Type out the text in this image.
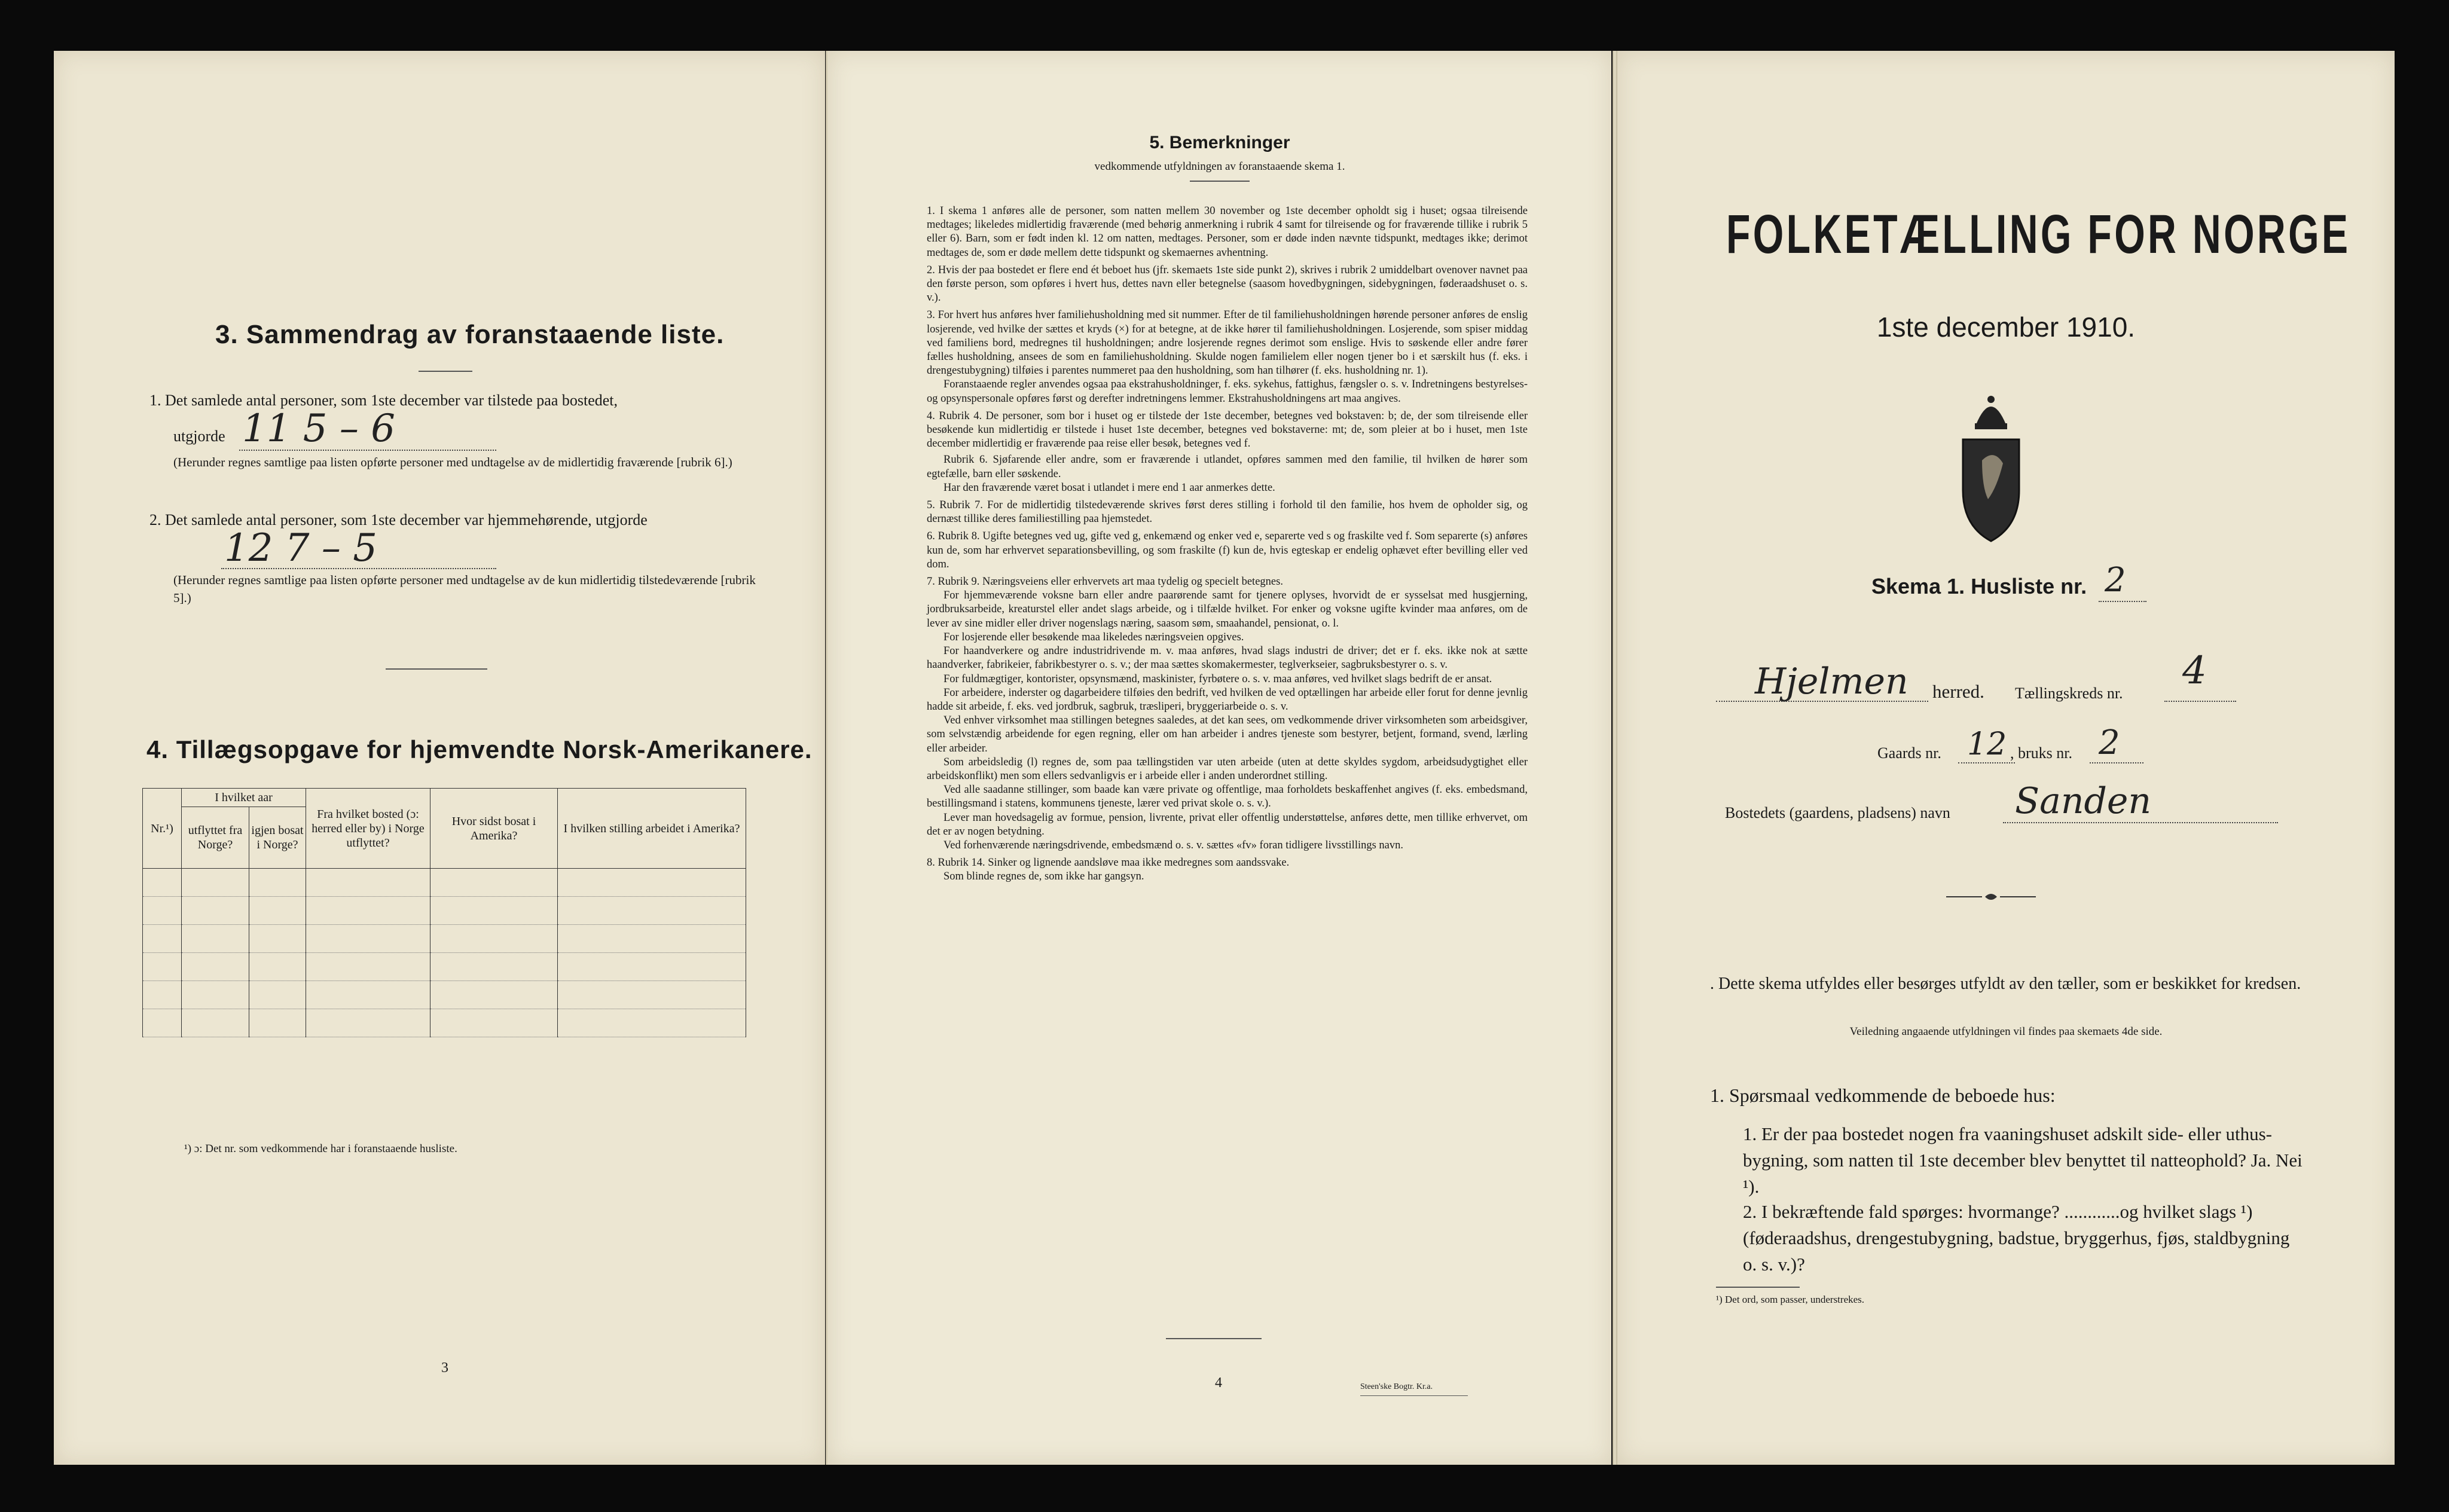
3. Sammendrag av foranstaaende liste.
1. Det samlede antal personer, som 1ste december var tilstede paa bostedet,
utgjorde 11 5 – 6
(Herunder regnes samtlige paa listen opførte personer med undtagelse av de midlertidig fraværende [rubrik 6].)
2. Det samlede antal personer, som 1ste december var hjemmehørende, utgjorde
12 7 – 5
(Herunder regnes samtlige paa listen opførte personer med undtagelse av de kun midlertidig tilstedeværende [rubrik 5].)
4. Tillægsopgave for hjemvendte Norsk-Amerikanere.
Nr.¹)	I hvilket aar		Fra hvilket bosted (ɔ: herred eller by) i Norge utflyttet?	Hvor sidst bosat i Amerika?	I hvilken stilling arbeidet i Amerika?
	utflyttet fra Norge?	igjen bosat i Norge?			

¹) ɔ: Det nr. som vedkommende har i foranstaaende husliste.
3
5. Bemerkninger
vedkommende utfyldningen av foranstaaende skema 1.

1. I skema 1 anføres alle de personer, som natten mellem 30 november og 1ste december opholdt sig i huset; ogsaa tilreisende medtages; likeledes midlertidig fraværende (med behørig anmerkning i rubrik 4 samt for tilreisende og for fraværende tillike i rubrik 5 eller 6). Barn, som er født inden kl. 12 om natten, medtages. Personer, som er døde inden nævnte tidspunkt, medtages ikke; derimot medtages de, som er døde mellem dette tidspunkt og skemaernes avhentning.

2. Hvis der paa bostedet er flere end ét beboet hus (jfr. skemaets 1ste side punkt 2), skrives i rubrik 2 umiddelbart ovenover navnet paa den første person, som opføres i hvert hus, dettes navn eller betegnelse (saasom hovedbygningen, sidebygningen, føderaadshuset o. s. v.).

3. For hvert hus anføres hver familiehusholdning med sit nummer. Efter de til familiehusholdningen hørende personer anføres de enslig losjerende, ved hvilke der sættes et kryds (×) for at betegne, at de ikke hører til familiehusholdningen. Losjerende, som spiser middag ved familiens bord, medregnes til husholdningen; andre losjerende regnes derimot som enslige. Hvis to søskende eller andre fører fælles husholdning, ansees de som en familiehusholdning. Skulde nogen familielem eller nogen tjener bo i et særskilt hus (f. eks. i drengestubygning) tilføies i parentes nummeret paa den husholdning, som han tilhører (f. eks. husholdning nr. 1).

Foranstaaende regler anvendes ogsaa paa ekstrahusholdninger, f. eks. sykehus, fattighus, fængsler o. s. v. Indretningens bestyrelses- og opsynspersonale opføres først og derefter indretningens lemmer. Ekstrahusholdningens art maa angives.

4. Rubrik 4. De personer, som bor i huset og er tilstede der 1ste december, betegnes ved bokstaven: b; de, der som tilreisende eller besøkende kun midlertidig er tilstede i huset 1ste december, betegnes ved bokstaverne: mt; de, som pleier at bo i huset, men 1ste december midlertidig er fraværende paa reise eller besøk, betegnes ved f.

Rubrik 6. Sjøfarende eller andre, som er fraværende i utlandet, opføres sammen med den familie, til hvilken de hører som egtefælle, barn eller søskende.

Har den fraværende været bosat i utlandet i mere end 1 aar anmerkes dette.

5. Rubrik 7. For de midlertidig tilstedeværende skrives først deres stilling i forhold til den familie, hos hvem de opholder sig, og dernæst tillike deres familiestilling paa hjemstedet.

6. Rubrik 8. Ugifte betegnes ved ug, gifte ved g, enkemænd og enker ved e, separerte ved s og fraskilte ved f. Som separerte (s) anføres kun de, som har erhvervet separationsbevilling, og som fraskilte (f) kun de, hvis egteskap er endelig ophævet efter bevilling eller ved dom.

7. Rubrik 9. Næringsveiens eller erhvervets art maa tydelig og specielt betegnes.

For hjemmeværende voksne barn eller andre paarørende samt for tjenere oplyses, hvorvidt de er sysselsat med husgjerning, jordbruksarbeide, kreaturstel eller andet slags arbeide, og i tilfælde hvilket. For enker og voksne ugifte kvinder maa anføres, om de lever av sine midler eller driver nogenslags næring, saasom søm, smaahandel, pensionat, o. l.

For losjerende eller besøkende maa likeledes næringsveien opgives.

For haandverkere og andre industridrivende m. v. maa anføres, hvad slags industri de driver; det er f. eks. ikke nok at sætte haandverker, fabrikeier, fabrikbestyrer o. s. v.; der maa sættes skomakermester, teglverkseier, sagbruksbestyrer o. s. v.

For fuldmægtiger, kontorister, opsynsmænd, maskinister, fyrbøtere o. s. v. maa anføres, ved hvilket slags bedrift de er ansat.

For arbeidere, inderster og dagarbeidere tilføies den bedrift, ved hvilken de ved optællingen har arbeide eller forut for denne jevnlig hadde sit arbeide, f. eks. ved jordbruk, sagbruk, træsliperi, bryggeriarbeide o. s. v.

Ved enhver virksomhet maa stillingen betegnes saaledes, at det kan sees, om vedkommende driver virksomheten som arbeidsgiver, som selvstændig arbeidende for egen regning, eller om han arbeider i andres tjeneste som bestyrer, betjent, formand, svend, lærling eller arbeider.

Som arbeidsledig (l) regnes de, som paa tællingstiden var uten arbeide (uten at dette skyldes sygdom, arbeidsudygtighet eller arbeidskonflikt) men som ellers sedvanligvis er i arbeide eller i anden underordnet stilling.

Ved alle saadanne stillinger, som baade kan være private og offentlige, maa forholdets beskaffenhet angives (f. eks. embedsmand, bestillingsmand i statens, kommunens tjeneste, lærer ved privat skole o. s. v.).

Lever man hovedsagelig av formue, pension, livrente, privat eller offentlig understøttelse, anføres dette, men tillike erhvervet, om det er av nogen betydning.

Ved forhenværende næringsdrivende, embedsmænd o. s. v. sættes «fv» foran tidligere livsstillings navn.

8. Rubrik 14. Sinker og lignende aandsløve maa ikke medregnes som aandssvake.

Som blinde regnes de, som ikke har gangsyn.

4	Steen'ske Bogtr. Kr.a.
FOLKETÆLLING FOR NORGE
1ste december 1910.
Skema 1. Husliste nr. 2
Hjelmen herred. Tællingskreds nr.
4
Gaards nr. 12 , bruks nr. 2
Bostedets (gaardens, pladsens) navn Sanden
. Dette skema utfyldes eller besørges utfyldt av den tæller, som er beskikket for kredsen.
Veiledning angaaende utfyldningen vil findes paa skemaets 4de side.
1. Spørsmaal vedkommende de beboede hus:
1. Er der paa bostedet nogen fra vaaningshuset adskilt side- eller uthus-bygning, som natten til 1ste december blev benyttet til natteophold? Ja. Nei ¹).
2. I bekræftende fald spørges: hvormange? ............og hvilket slags ¹) (føderaadshus, drengestubygning, badstue, bryggerhus, fjøs, staldbygning o. s. v.)?
¹) Det ord, som passer, understrekes.
